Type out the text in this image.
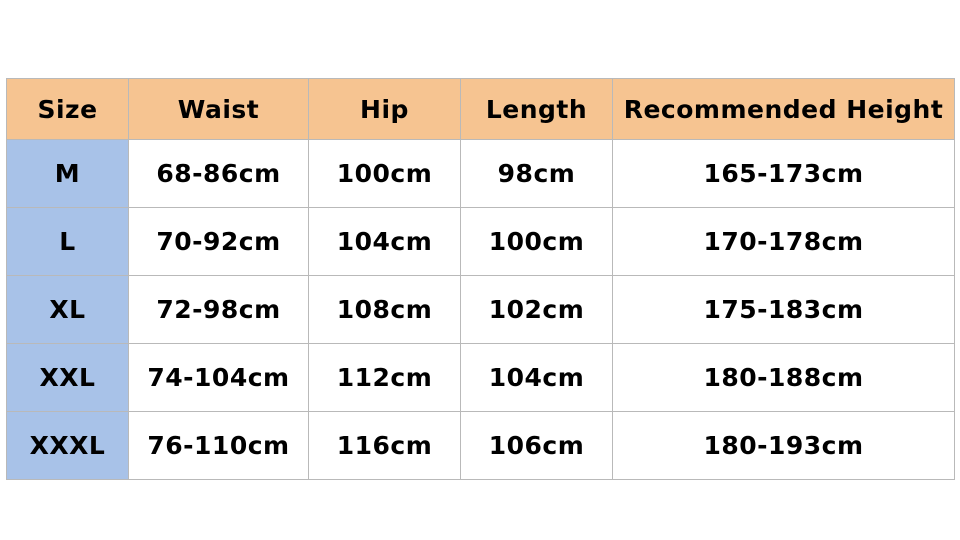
Size	Waist	Hip	Length	Recommended Height
M	68-86cm	100cm	98cm	165-173cm
L	70-92cm	104cm	100cm	170-178cm
XL	72-98cm	108cm	102cm	175-183cm
XXL	74-104cm	112cm	104cm	180-188cm
XXXL	76-110cm	116cm	106cm	180-193cm
